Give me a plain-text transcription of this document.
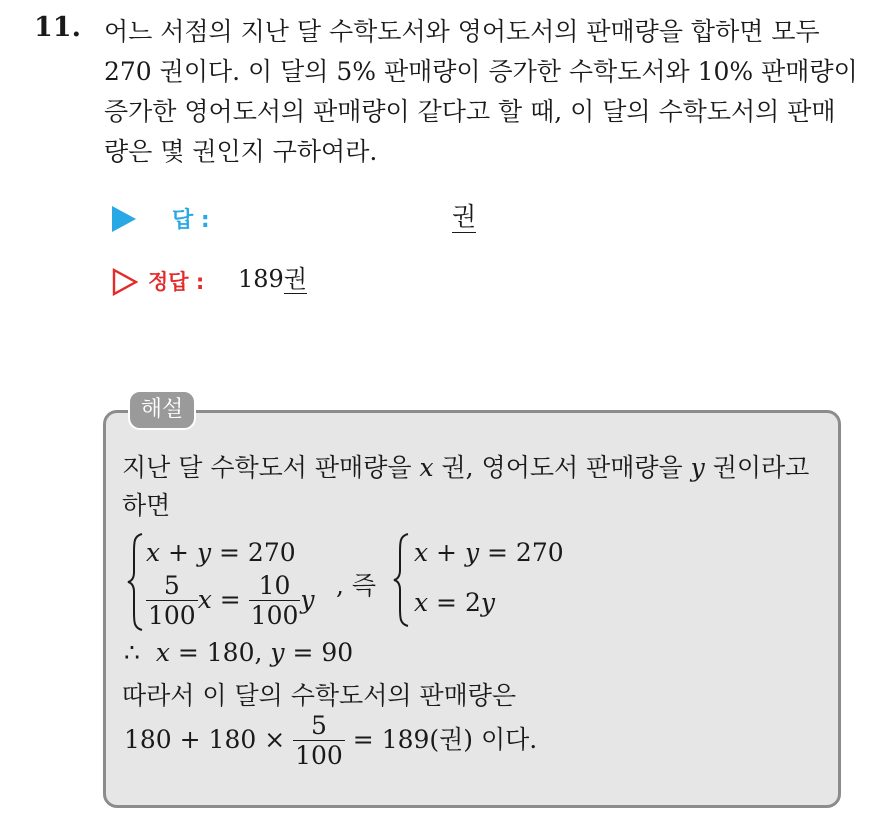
11. 어느 서점의 지난 달 수학도서와 영어도서의 판매량을 합하면 모두
270 권이다. 이 달의 5% 판매량이 증가한 수학도서와 10% 판매량이
증가한 영어도서의 판매량이 같다고 할 때, 이 달의 수학도서의 판매
량은 몇 권인지 구하여라.
답 :	권
정답 : 189권
해설
지난 달 수학도서 판매량을 x 권, 영어도서 판매량을 y 권이라고
하면
x + y = 270
$\frac{5}{100}$ $x = \frac{10}{100}$ y , 즉
x + y = 270
x = 2y
∴ x = 180, y = 90
따라서 이 달의 수학도서의 판매량은
$180 + 180 \times \frac{5}{100} = 189$(권) 이다.
